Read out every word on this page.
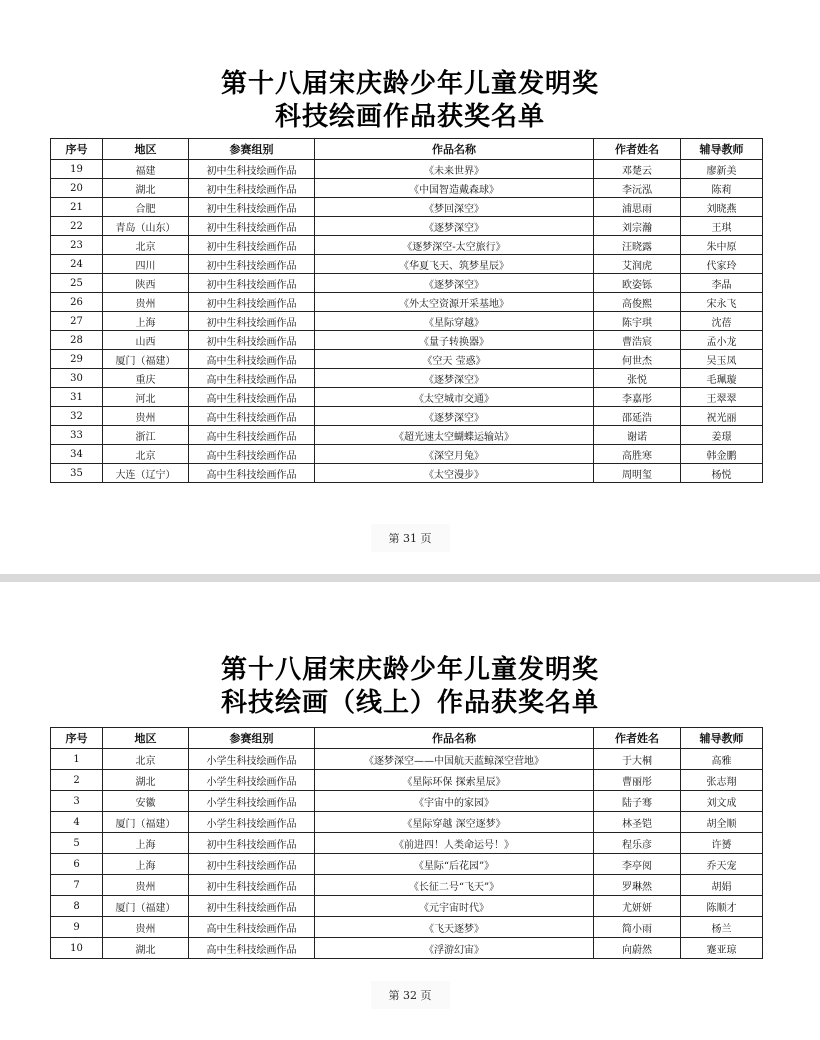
第十八届宋庆龄少年儿童发明奖
科技绘画作品获奖名单
序号	地区	参赛组别	作品名称	作者姓名	辅导教师
19	福建	初中生科技绘画作品	《未来世界》	邓楚云	廖新美
20	湖北	初中生科技绘画作品	《中国智造戴森球》	李沅泓	陈莉
21	合肥	初中生科技绘画作品	《梦回深空》	浦思雨	刘晓燕
22	青岛（山东）	初中生科技绘画作品	《逐梦深空》	刘宗瀚	王琪
23	北京	初中生科技绘画作品	《逐梦深空-太空旅行》	汪晓露	朱中原
24	四川	初中生科技绘画作品	《华夏飞天、筑梦星辰》	艾润虎	代家玲
25	陕西	初中生科技绘画作品	《逐梦深空》	欧姿铄	李晶
26	贵州	初中生科技绘画作品	《外太空资源开采基地》	高俊熙	宋永飞
27	上海	初中生科技绘画作品	《星际穿越》	陈宇琪	沈蓓
28	山西	初中生科技绘画作品	《量子转换器》	曹浩宸	孟小龙
29	厦门（福建）	高中生科技绘画作品	《空天 莹惑》	何世杰	吴玉凤
30	重庆	高中生科技绘画作品	《逐梦深空》	张悦	毛珮璇
31	河北	高中生科技绘画作品	《太空城市交通》	李嘉彤	王翠翠
32	贵州	高中生科技绘画作品	《逐梦深空》	邵延浩	祝光丽
33	浙江	高中生科技绘画作品	《超光速太空蝴蝶运输站》	谢诺	姜璟
34	北京	高中生科技绘画作品	《深空月兔》	高胜寒	韩金鹏
35	大连（辽宁）	高中生科技绘画作品	《太空漫步》	周明玺	杨悦
第 31 页
第十八届宋庆龄少年儿童发明奖
科技绘画（线上）作品获奖名单
序号	地区	参赛组别	作品名称	作者姓名	辅导教师
1	北京	小学生科技绘画作品	《逐梦深空——中国航天蓝鲸深空营地》	于大桐	高雅
2	湖北	小学生科技绘画作品	《星际环保 探索星辰》	曹丽彤	张志翔
3	安徽	小学生科技绘画作品	《宇宙中的家园》	陆子骞	刘文成
4	厦门（福建）	小学生科技绘画作品	《星际穿越 深空逐梦》	林圣铠	胡全顺
5	上海	初中生科技绘画作品	《前进四！人类命运号！》	程乐彦	许赟
6	上海	初中生科技绘画作品	《星际“后花园”》	李亭阅	乔天宠
7	贵州	初中生科技绘画作品	《长征二号“飞天”》	罗琳然	胡娟
8	厦门（福建）	初中生科技绘画作品	《元宇宙时代》	尤妍妍	陈顺才
9	贵州	高中生科技绘画作品	《飞天逐梦》	简小雨	杨兰
10	湖北	高中生科技绘画作品	《浮游幻宙》	向蔚然	蹇亚琼
第 32 页
